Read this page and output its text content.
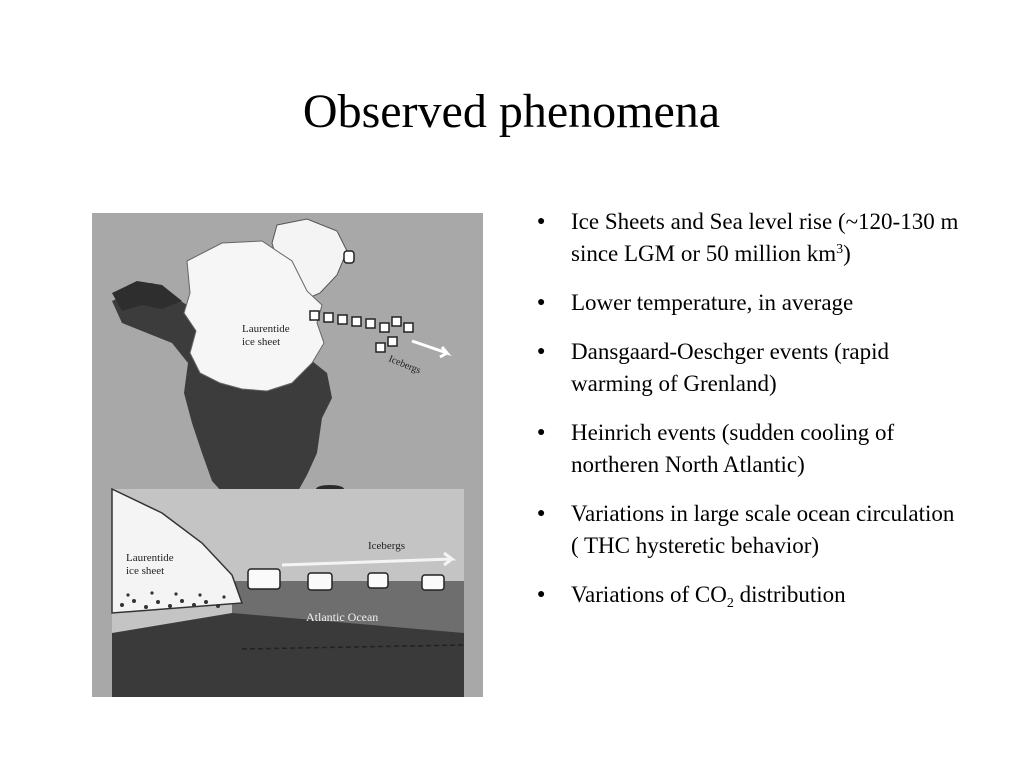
Observed phenomena
Laurentide
ice sheet
Icebergs
Laurentide
ice sheet
Icebergs
Atlantic Ocean
● Ice Sheets and Sea level rise (~120-130 m since LGM or 50 million $km^3$)
● Lower temperature, in average
● Dansgaard-Oeschger events (rapid warming of Grenland)
● Heinrich events (sudden cooling of northeren North Atlantic)
● Variations in large scale ocean circulation ( THC hysteretic behavior)
● Variations of $CO_2$ distribution
